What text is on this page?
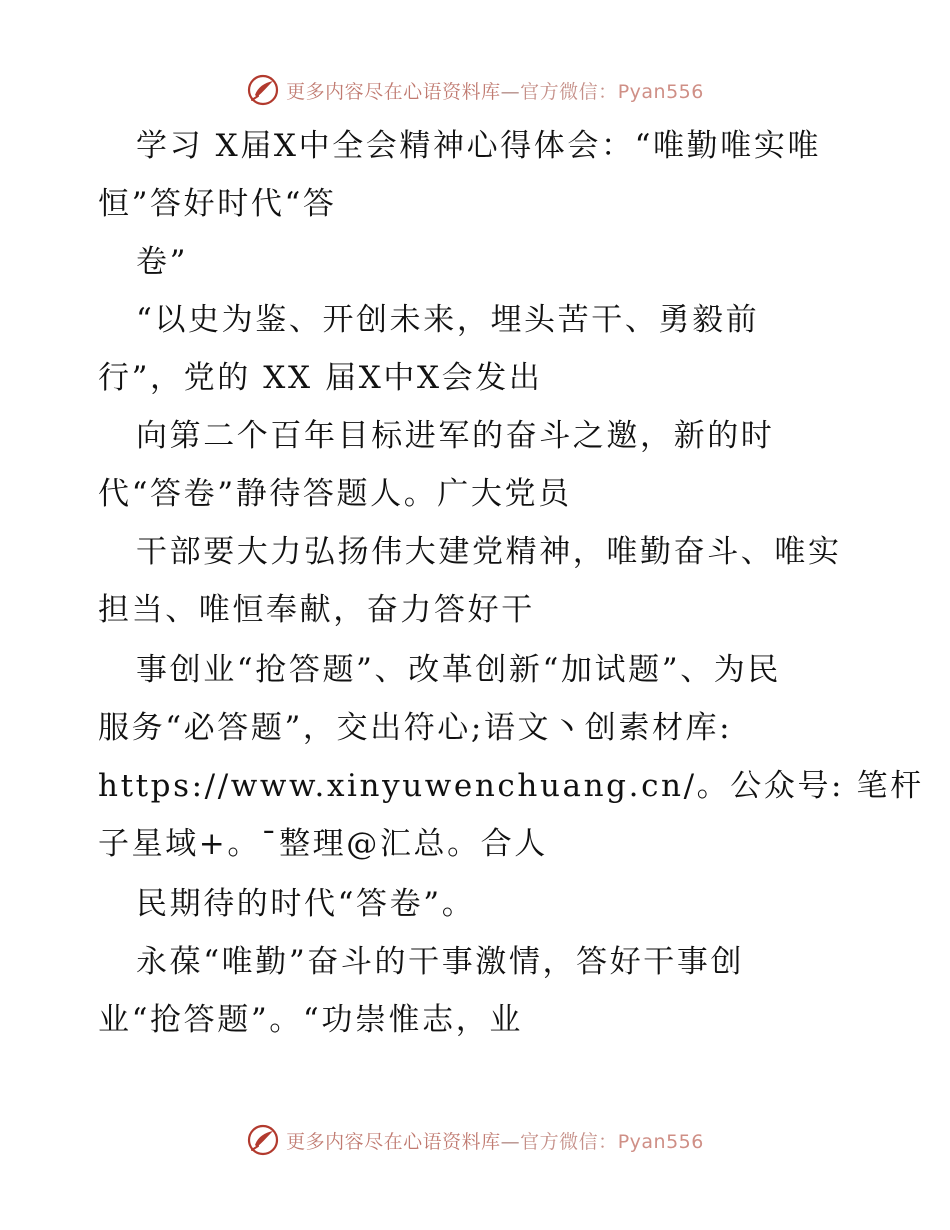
更多内容尽在心语资料库—官方微信：Pyan556
学习 X届X中全会精神心得体会：“唯勤唯实唯
恒”答好时代“答
卷”
“以史为鉴、开创未来，埋头苦干、勇毅前
行”，党的 XX 届X中X会发出
向第二个百年目标进军的奋斗之邀，新的时
代“答卷”静待答题人。广大党员
干部要大力弘扬伟大建党精神，唯勤奋斗、唯实
担当、唯恒奉献，奋力答好干
事创业“抢答题”、改革创新“加试题”、为民
服务“必答题”，交出符心;语文丶创素材库:
https://www.xinyuwenchuang.cn/。公众号: 笔杆
子星域+。¯整理@汇总。合人
民期待的时代“答卷”。
永葆“唯勤”奋斗的干事激情，答好干事创
业“抢答题”。“功崇惟志，业
更多内容尽在心语资料库—官方微信：Pyan556
